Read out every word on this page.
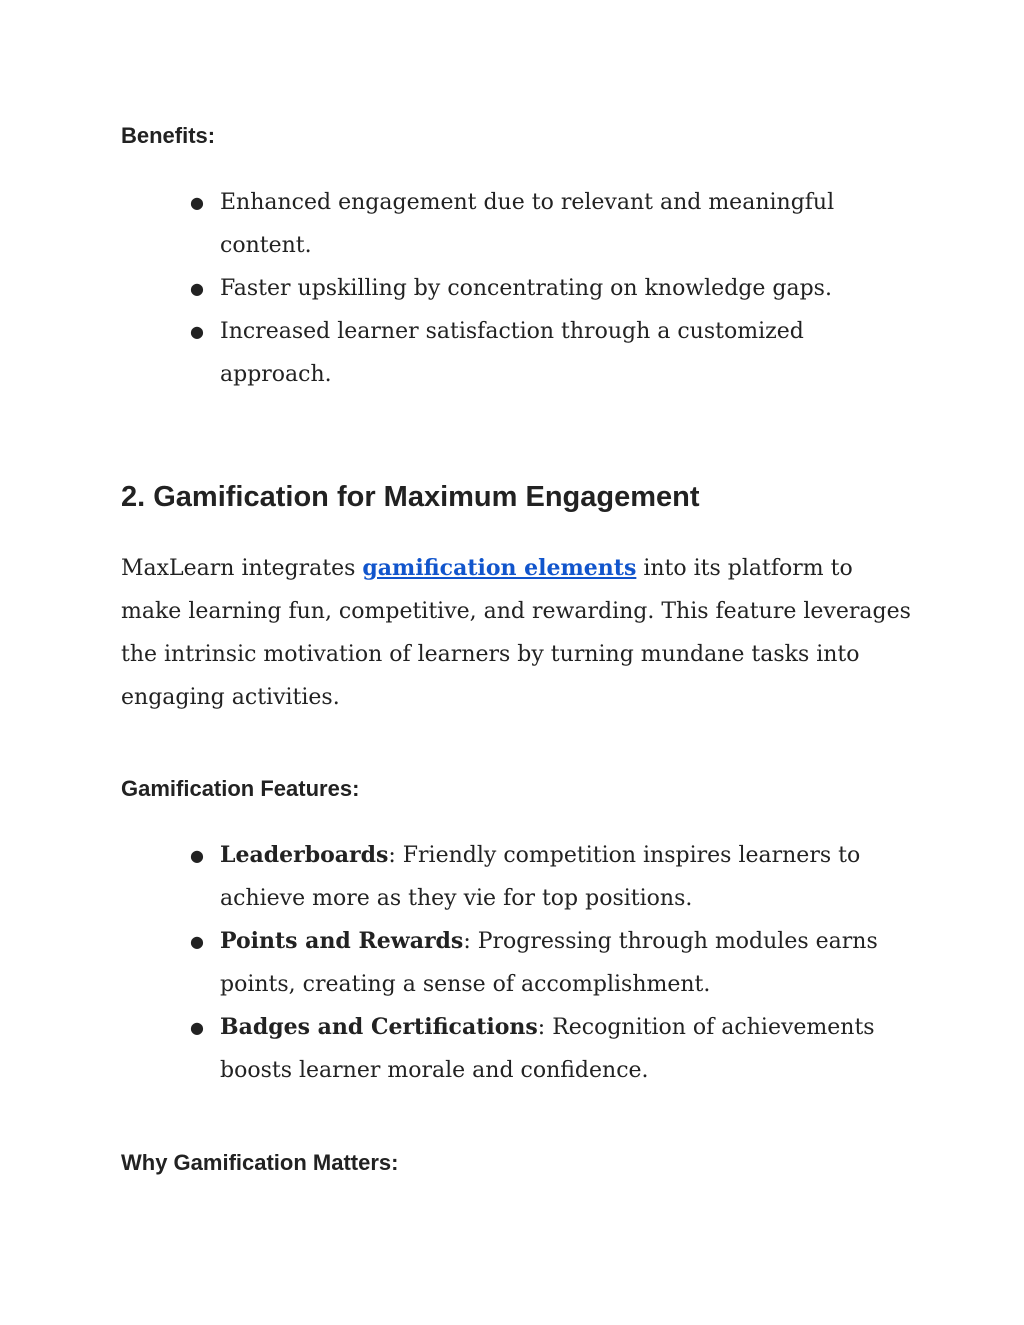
Benefits:
● Enhanced engagement due to relevant and meaningful content.
● Faster upskilling by concentrating on knowledge gaps.
● Increased learner satisfaction through a customized approach.
2. Gamification for Maximum Engagement

MaxLearn integrates gamification elements into its platform to make learning fun, competitive, and rewarding. This feature leverages the intrinsic motivation of learners by turning mundane tasks into engaging activities.

Gamification Features:
● Leaderboards: Friendly competition inspires learners to achieve more as they vie for top positions.
● Points and Rewards: Progressing through modules earns points, creating a sense of accomplishment.
● Badges and Certifications: Recognition of achievements boosts learner morale and confidence.
Why Gamification Matters:
